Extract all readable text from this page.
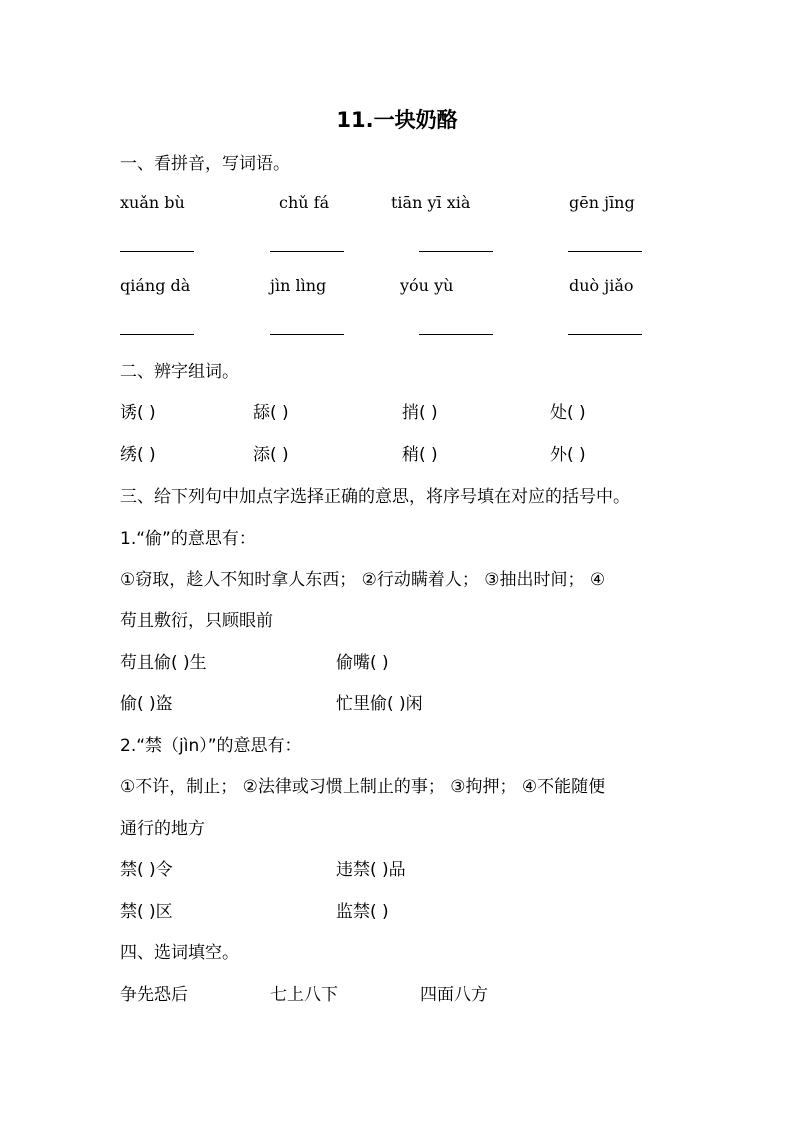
11.一块奶酪
一、看拼音，写词语。
xuǎn bù	chǔ fá	tiān yī xià	gēn jīng
qiáng dà	jìn lìng	yóu yù	duò jiǎo
二、辨字组词。
诱( )	舔( )	捎( )	处( )
绣( )	添( )	稍( )	外( )
三、给下列句中加点字选择正确的意思，将序号填在对应的括号中。
1.“偷”的意思有：
①窃取，趁人不知时拿人东西； ②行动瞒着人； ③抽出时间； ④
苟且敷衍，只顾眼前
苟且偷( )生	偷嘴( )
偷( )盗	忙里偷( )闲
2.“禁（jìn）”的意思有：
①不许，制止； ②法律或习惯上制止的事； ③拘押； ④不能随便
通行的地方
禁( )令	违禁( )品
禁( )区	监禁( )
四、选词填空。
争先恐后	七上八下	四面八方
